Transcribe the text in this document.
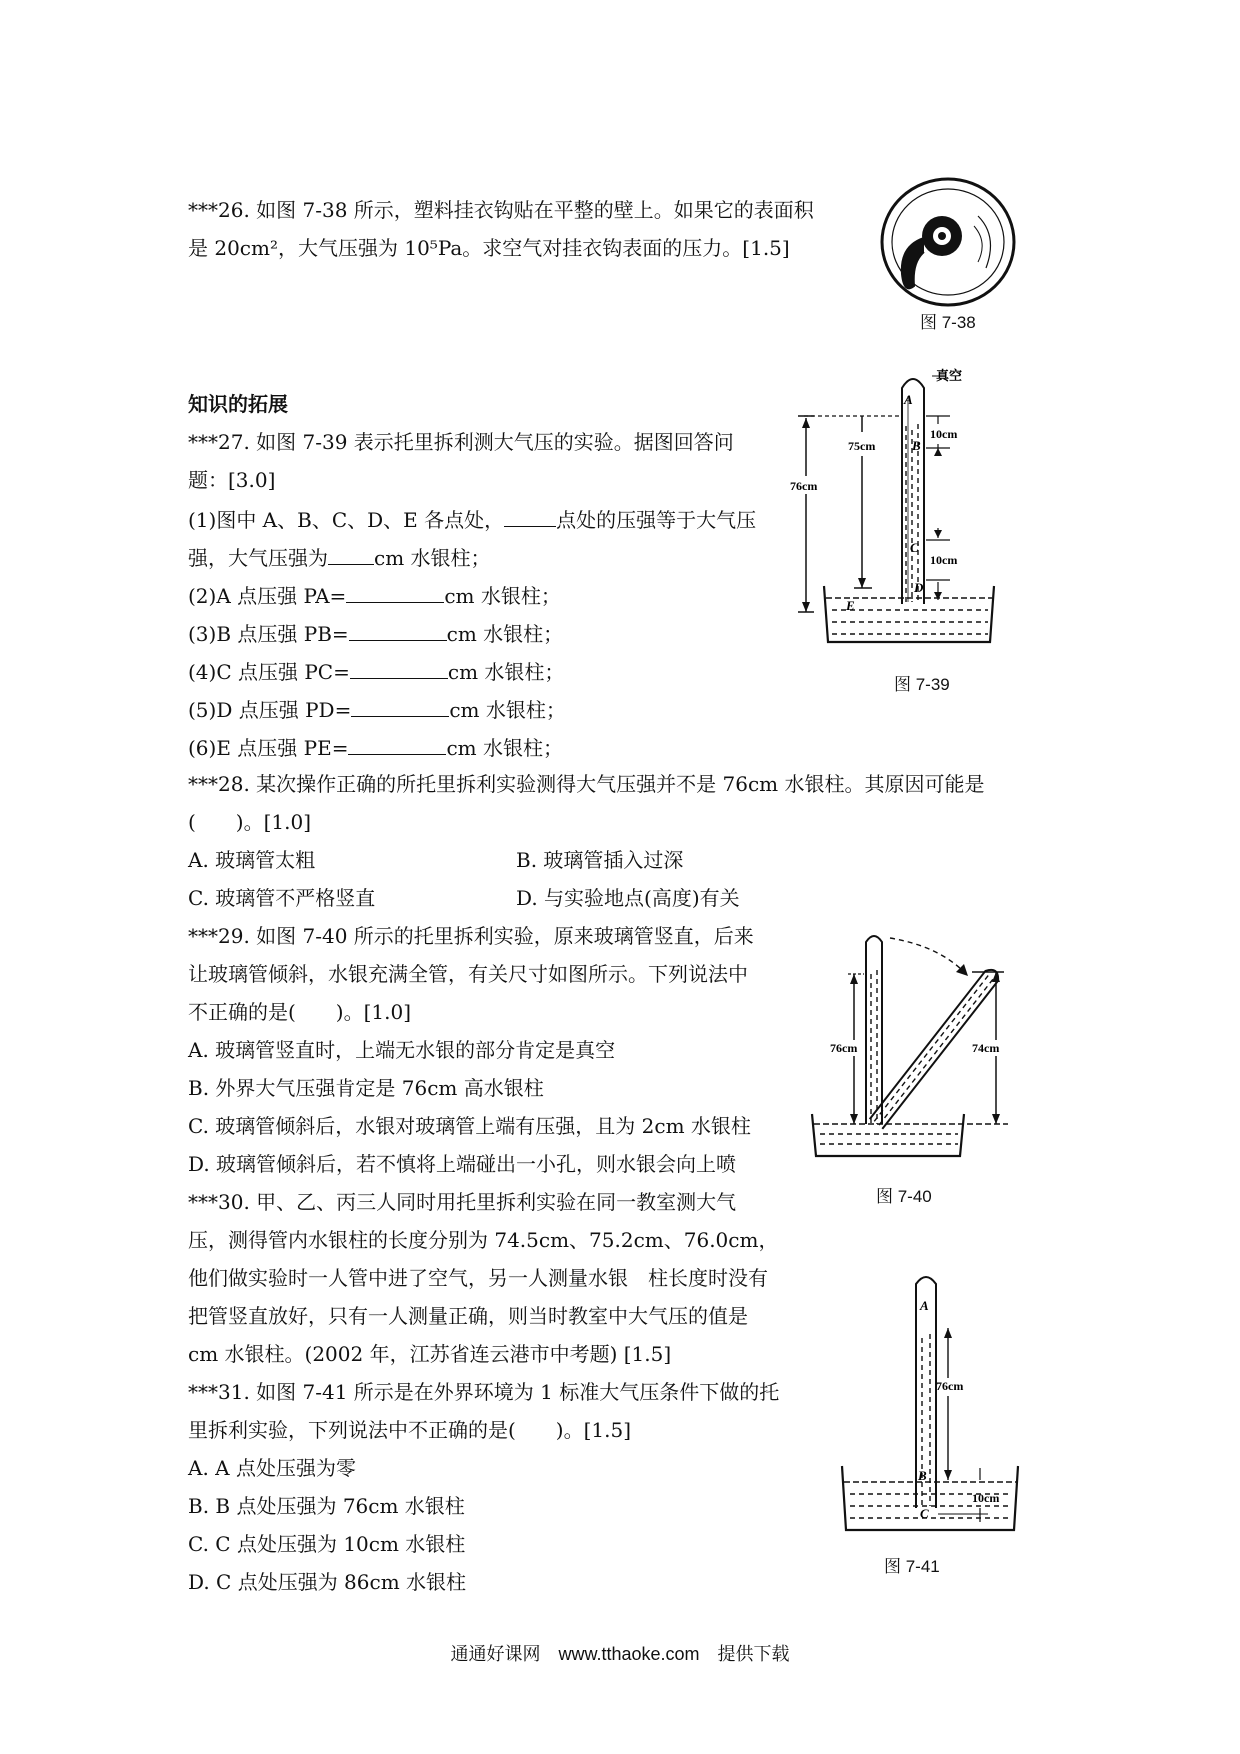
***26. 如图 7-38 所示，塑料挂衣钩贴在平整的壁上。如果它的表面积
是 20cm²，大气压强为 10⁵Pa。求空气对挂衣钩表面的压力。[1.5]
图 7-38
知识的拓展
***27. 如图 7-39 表示托里拆利测大气压的实验。据图回答问
题：[3.0]
(1)图中 A、B、C、D、E 各点处，	点处的压强等于大气压
强，大气压强为 cm 水银柱；
(2)A 点压强 PA=	cm 水银柱；
(3)B 点压强 PB=	cm 水银柱；
(4)C 点压强 PC=	cm 水银柱；
(5)D 点压强 PD=	cm 水银柱；
(6)E 点压强 PE=	cm 水银柱；
真空
A
10cm
B
75cm
76cm
C
10cm
D
E
图 7-39
***28. 某次操作正确的所托里拆利实验测得大气压强并不是 76cm 水银柱。其原因可能是
(　　)。[1.0]
A. 玻璃管太粗	B. 玻璃管插入过深
C. 玻璃管不严格竖直	D. 与实验地点(高度)有关
***29. 如图 7-40 所示的托里拆利实验，原来玻璃管竖直，后来
让玻璃管倾斜，水银充满全管，有关尺寸如图所示。下列说法中
不正确的是(　　)。[1.0]
A. 玻璃管竖直时，上端无水银的部分肯定是真空
B. 外界大气压强肯定是 76cm 高水银柱
C. 玻璃管倾斜后，水银对玻璃管上端有压强，且为 2cm 水银柱
D. 玻璃管倾斜后，若不慎将上端碰出一小孔，则水银会向上喷
76cm	74cm
图 7-40
***30. 甲、乙、丙三人同时用托里拆利实验在同一教室测大气
压，测得管内水银柱的长度分别为 74.5cm、75.2cm、76.0cm，
他们做实验时一人管中进了空气，另一人测量水银　柱长度时没有
把管竖直放好，只有一人测量正确，则当时教室中大气压的值是
cm 水银柱。(2002 年，江苏省连云港市中考题) [1.5]
***31. 如图 7-41 所示是在外界环境为 1 标准大气压条件下做的托
里拆利实验，下列说法中不正确的是(　　)。[1.5]
A. A 点处压强为零
B. B 点处压强为 76cm 水银柱
C. C 点处压强为 10cm 水银柱
D. C 点处压强为 86cm 水银柱
A
76cm
B
10cm
C
图 7-41
通通好课网　www.tthaoke.com　提供下载
